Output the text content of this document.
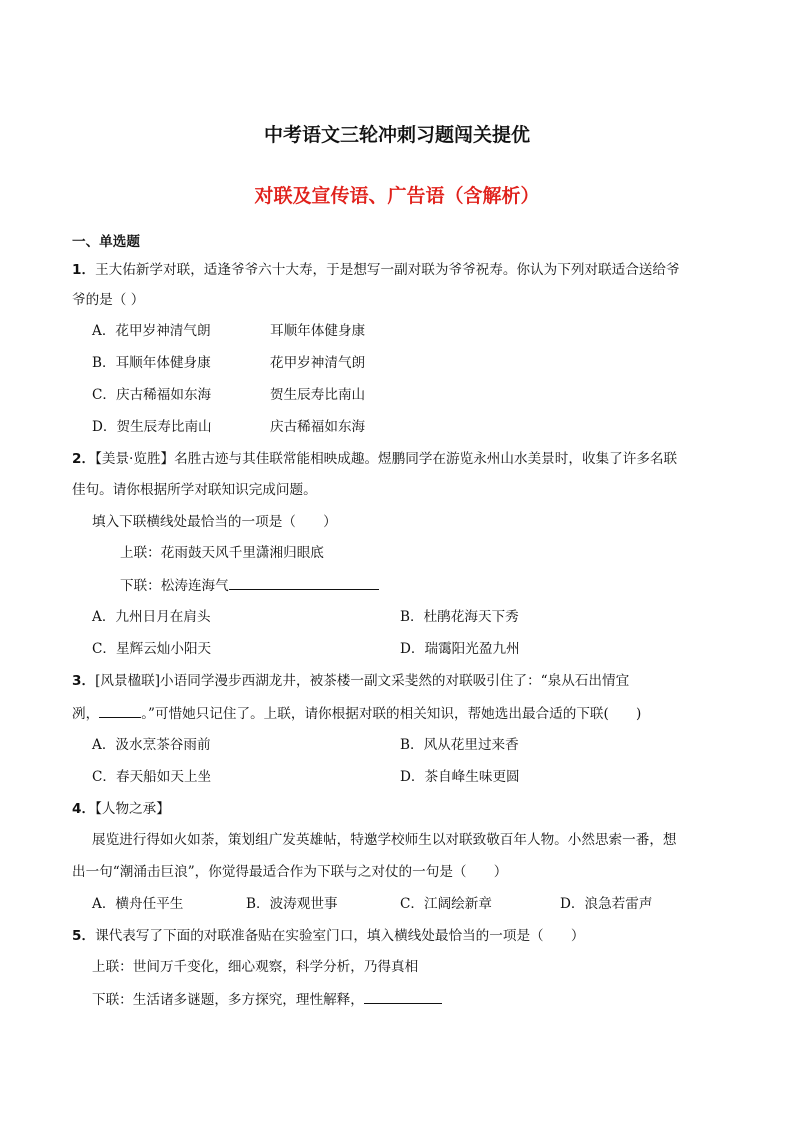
中考语文三轮冲刺习题闯关提优
对联及宣传语、广告语（含解析）
一、单选题
1．王大佑新学对联，适逢爷爷六十大寿，于是想写一副对联为爷爷祝寿。你认为下列对联适合送给爷
爷的是（ ）
A．花甲岁神清气朗	耳顺年体健身康
B．耳顺年体健身康	花甲岁神清气朗
C．庆古稀福如东海	贺生辰寿比南山
D．贺生辰寿比南山	庆古稀福如东海
2．【美景·览胜】名胜古迹与其佳联常能相映成趣。煜鹏同学在游览永州山水美景时，收集了许多名联
佳句。请你根据所学对联知识完成问题。
填入下联横线处最恰当的一项是（　　）
上联：花雨鼓天风千里潇湘归眼底
下联：松涛连海气
A．九州日月在肩头	B．杜鹃花海天下秀
C．星辉云灿小阳天	D．瑞霭阳光盈九州
3．[风景楹联]小语同学漫步西湖龙井，被茶楼一副文采斐然的对联吸引住了：“泉从石出情宜
冽，	。”可惜她只记住了。上联，请你根据对联的相关知识，帮她选出最合适的下联(　　)
A．汲水烹茶谷雨前	B．风从花里过来香
C．春天船如天上坐	D．茶自峰生味更圆
4．【人物之承】
展览进行得如火如荼，策划组广发英雄帖，特邀学校师生以对联致敬百年人物。小然思索一番，想
出一句“潮涌击巨浪”，你觉得最适合作为下联与之对仗的一句是（　　）
A．横舟任平生	B．波涛观世事	C．江阔绘新章	D．浪急若雷声
5．课代表写了下面的对联准备贴在实验室门口，填入横线处最恰当的一项是（　　）
上联：世间万千变化，细心观察，科学分析，乃得真相
下联：生活诸多谜题，多方探究，理性解释，
